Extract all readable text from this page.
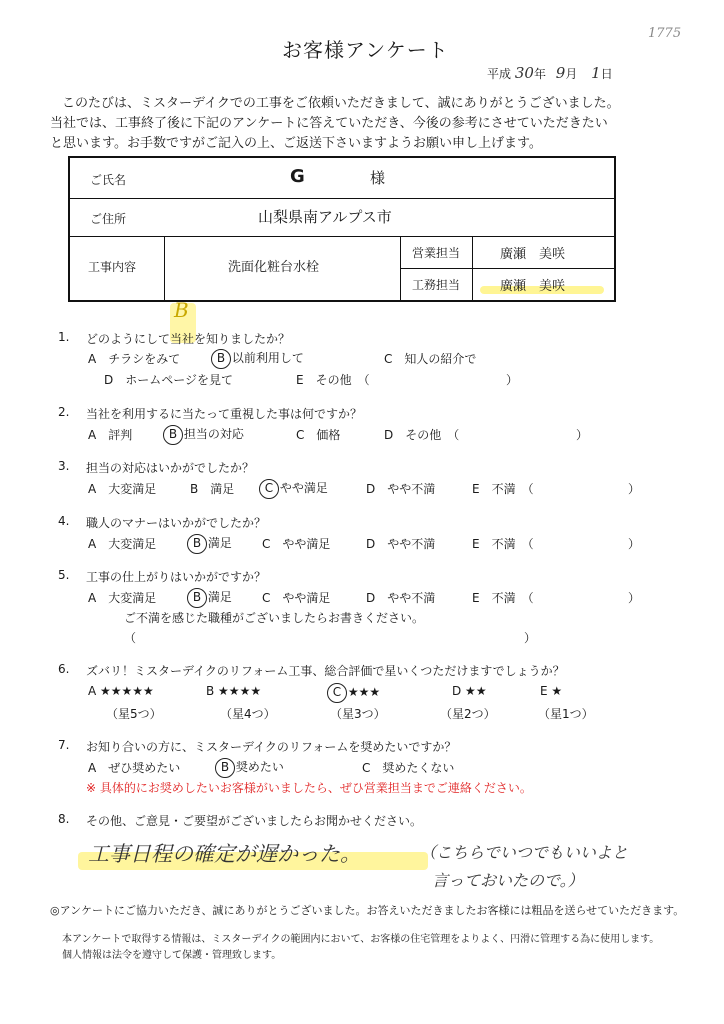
お客様アンケート
1775
平成 30年 9月 1日
このたびは、ミスターデイクでの工事をご依頼いただきまして、誠にありがとうございました。
当社では、工事終了後に下記のアンケートに答えていただき、今後の参考にさせていただきたい
と思います。お手数ですがご記入の上、ご返送下さいますようお願い申し上げます。
ご氏名	G	様
ご住所	山梨県南アルプス市
工事内容	洗面化粧台水栓
営業担当	廣瀬　美咲
工務担当	廣瀬　美咲
B
1. どのようにして当社を知りましたか？
A　チラシをみて	B 以前利用して	C　知人の紹介で
D　ホームページを見て	E　その他　（	）
2. 当社を利用するに当たって重視した事は何ですか？
A　評判	B 担当の対応	C　価格	D　その他　（	）
3. 担当の対応はいかがでしたか？
A　大変満足	B　満足	C やや満足	D　やや不満	E　不満　（	）
4. 職人のマナーはいかがでしたか？
A　大変満足	B 満足	C　やや満足	D　やや不満	E　不満　（	）
5. 工事の仕上がりはいかがですか？
A　大変満足	B 満足	C　やや満足	D　やや不満	E　不満　（	）
ご不満を感じた職種がございましたらお書きください。
（	）
6. ズバリ！ミスターデイクのリフォーム工事、総合評価で星いくつただけますでしょうか？
A ★★★★★	B ★★★★	C ★★★	D ★★	E ★
（星5つ）	（星4つ）	（星3つ）	（星2つ）	（星1つ）
7. お知り合いの方に、ミスターデイクのリフォームを奨めたいですか？
A　ぜひ奨めたい	B 奨めたい	C　奨めたくない
※ 具体的にお奨めしたいお客様がいましたら、ぜひ営業担当までご連絡ください。
8. その他、ご意見・ご要望がございましたらお聞かせください。
工事日程の確定が遅かった。	（こちらでいつでもいいよと
言っておいたので。）
◎アンケートにご協力いただき、誠にありがとうございました。お答えいただきましたお客様には粗品を送らせていただきます。
本アンケートで取得する情報は、ミスターデイクの範囲内において、お客様の住宅管理をよりよく、円滑に管理する為に使用します。
個人情報は法令を遵守して保護・管理致します。
